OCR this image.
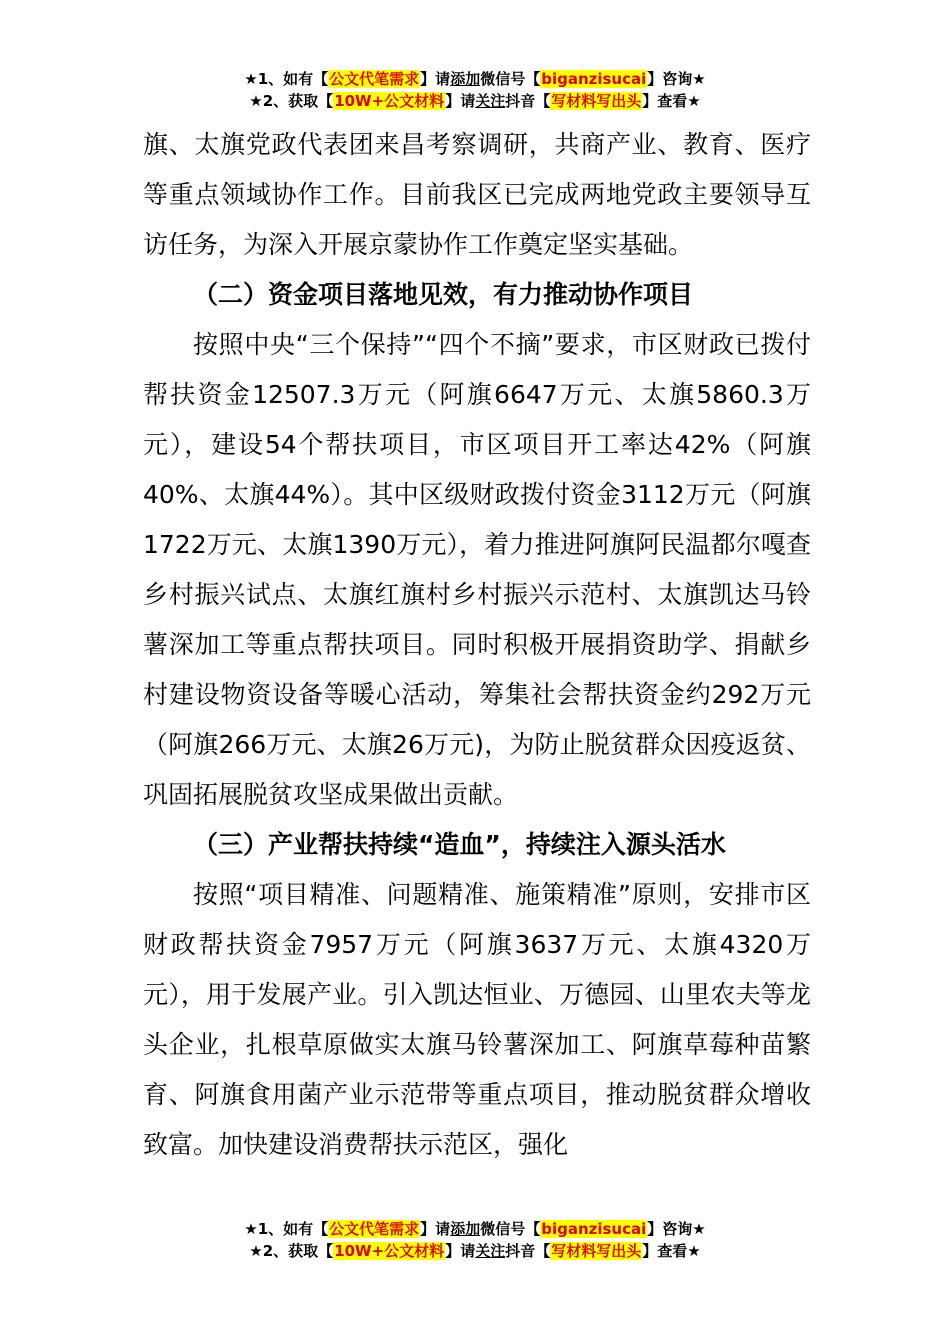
★1、如有【公文代笔需求】请添加微信号【biganzisucai】咨询★
★2、获取【10W+公文材料】请关注抖音【写材料写出头】查看★

旗、太旗党政代表团来昌考察调研，共商产业、教育、医疗等重点领域协作工作。目前我区已完成两地党政主要领导互访任务，为深入开展京蒙协作工作奠定坚实基础。

（二）资金项目落地见效，有力推动协作项目

按照中央“三个保持”“四个不摘”要求，市区财政已拨付帮扶资金12507.3万元（阿旗6647万元、太旗5860.3万元），建设54个帮扶项目，市区项目开工率达42%（阿旗40%、太旗44%）。其中区级财政拨付资金3112万元（阿旗1722万元、太旗1390万元），着力推进阿旗阿民温都尔嘎查乡村振兴试点、太旗红旗村乡村振兴示范村、太旗凯达马铃薯深加工等重点帮扶项目。同时积极开展捐资助学、捐献乡村建设物资设备等暖心活动，筹集社会帮扶资金约292万元（阿旗266万元、太旗26万元)，为防止脱贫群众因疫返贫、巩固拓展脱贫攻坚成果做出贡献。

（三）产业帮扶持续“造血”，持续注入源头活水

按照“项目精准、问题精准、施策精准”原则，安排市区财政帮扶资金7957万元（阿旗3637万元、太旗4320万元），用于发展产业。引入凯达恒业、万德园、山里农夫等龙头企业，扎根草原做实太旗马铃薯深加工、阿旗草莓种苗繁育、阿旗食用菌产业示范带等重点项目，推动脱贫群众增收致富。加快建设消费帮扶示范区，强化

★1、如有【公文代笔需求】请添加微信号【biganzisucai】咨询★
★2、获取【10W+公文材料】请关注抖音【写材料写出头】查看★
